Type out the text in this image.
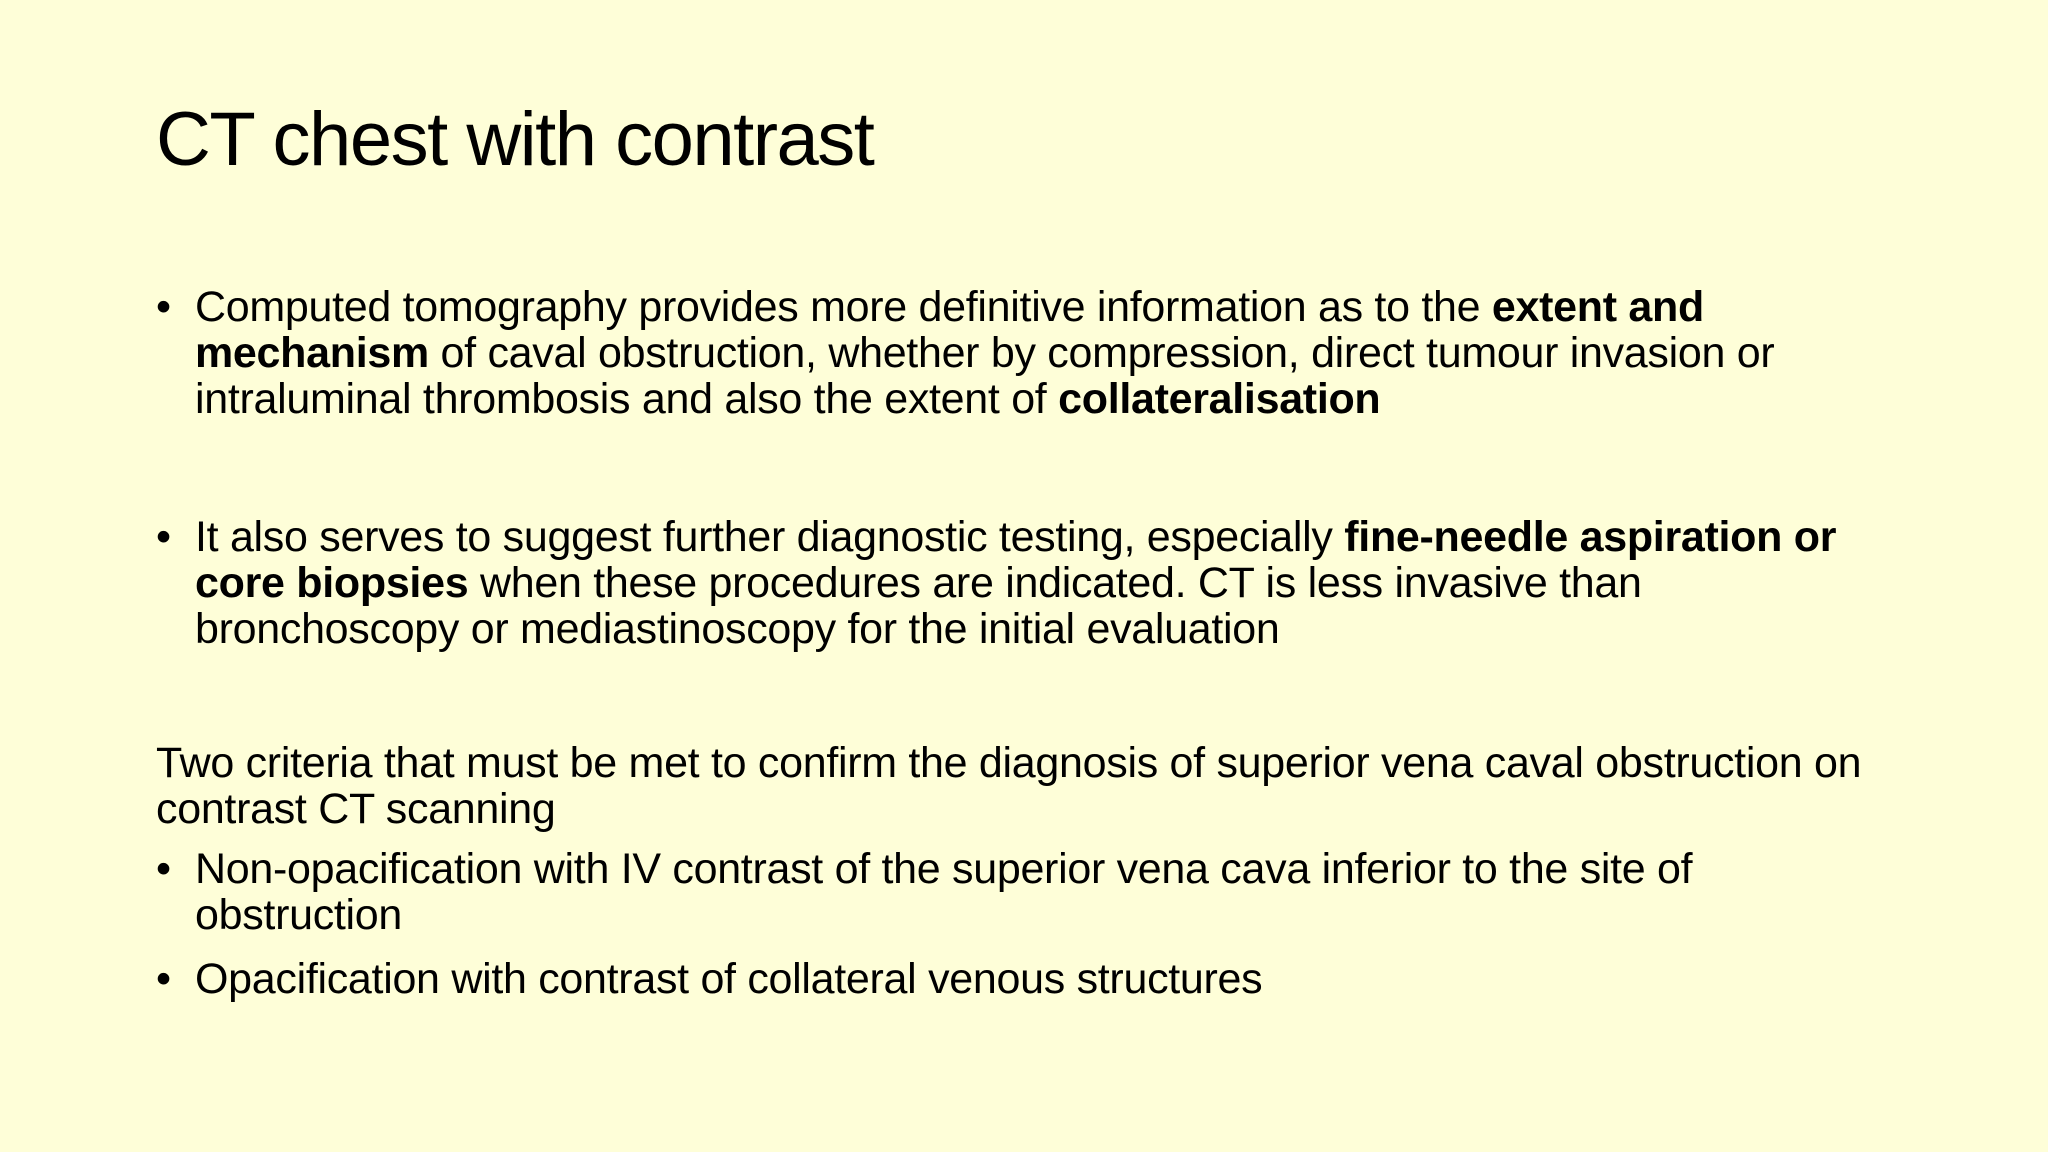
CT chest with contrast
• Computed tomography provides more definitive information as to the extent and mechanism of caval obstruction, whether by compression, direct tumour invasion or intraluminal thrombosis and also the extent of collateralisation
• It also serves to suggest further diagnostic testing, especially fine-needle aspiration or core biopsies when these procedures are indicated. CT is less invasive than bronchoscopy or mediastinoscopy for the initial evaluation
Two criteria that must be met to confirm the diagnosis of superior vena caval obstruction on contrast CT scanning
• Non-opacification with IV contrast of the superior vena cava inferior to the site of obstruction
• Opacification with contrast of collateral venous structures
